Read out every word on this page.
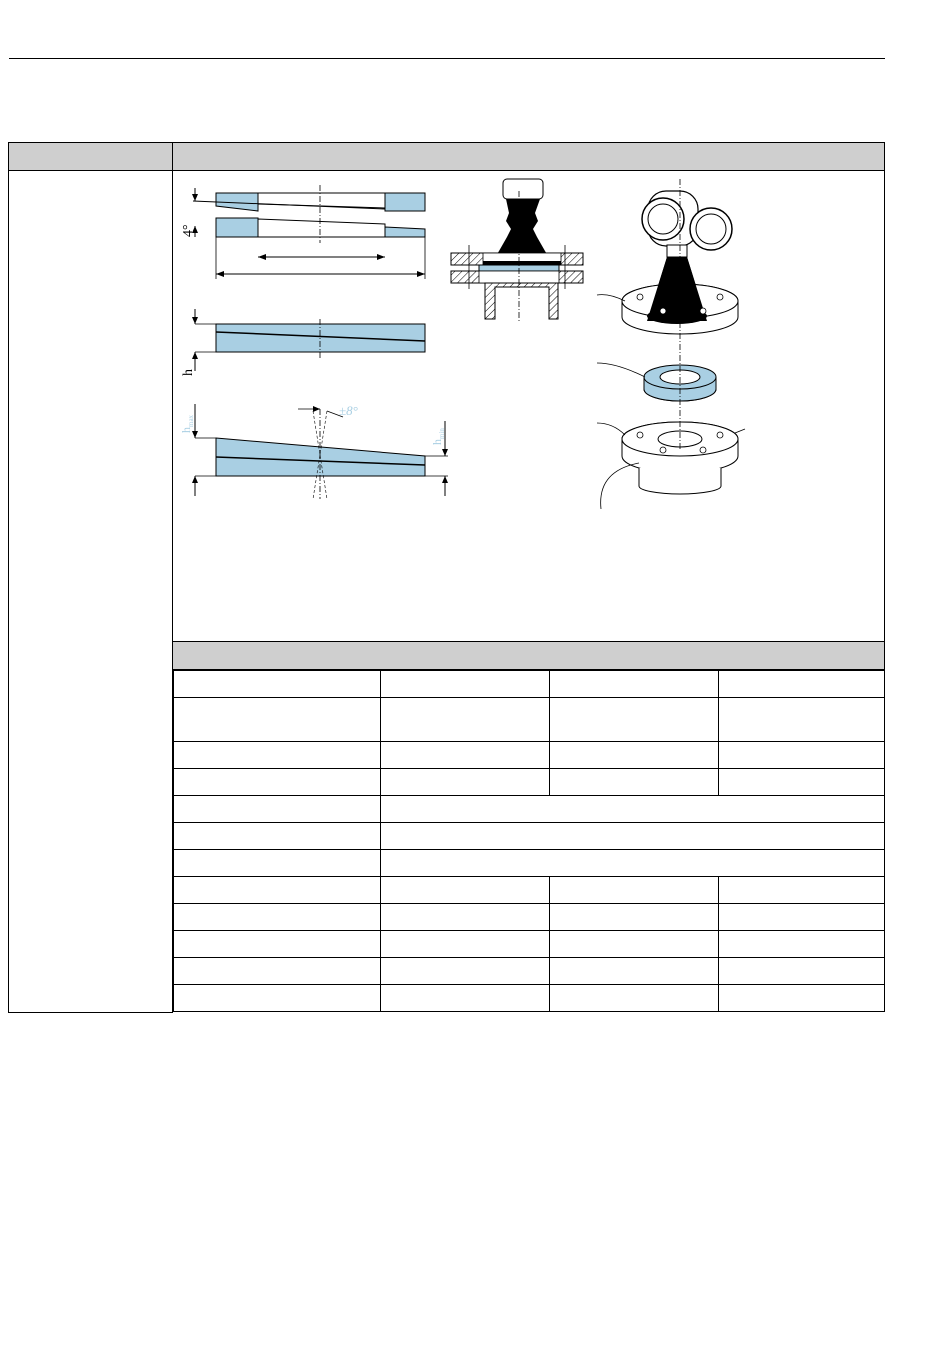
4°
h
±8°
$h_{max}$
$h_{min}$
